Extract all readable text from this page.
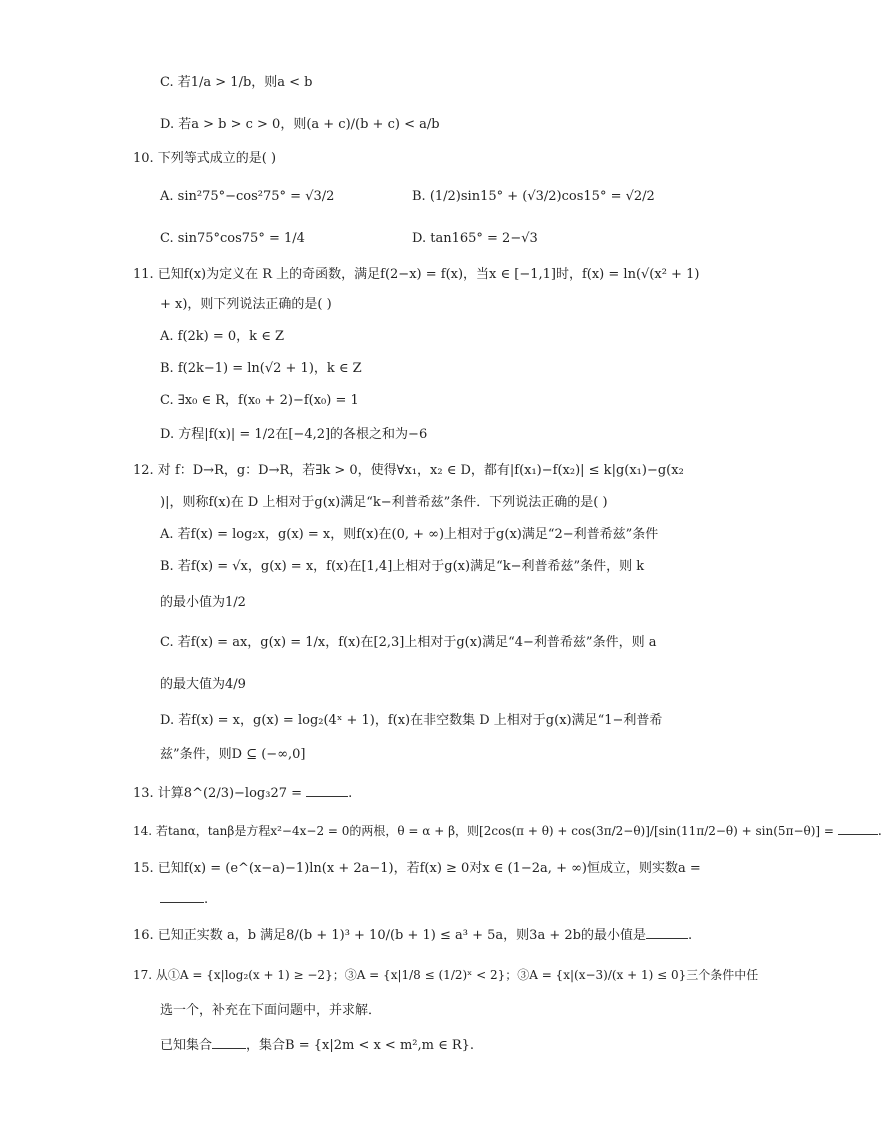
C. 若1/a > 1/b，则a < b
D. 若a > b > c > 0，则(a + c)/(b + c) < a/b
10. 下列等式成立的是( )
A. sin²75°−cos²75° = √3/2	B. (1/2)sin15° + (√3/2)cos15° = √2/2
C. sin75°cos75° = 1/4	D. tan165° = 2−√3
11. 已知f(x)为定义在 R 上的奇函数，满足f(2−x) = f(x)，当x ∈ [−1,1]时，f(x) = ln(√(x² + 1)
+ x)，则下列说法正确的是( )
A. f(2k) = 0，k ∈ Z
B. f(2k−1) = ln(√2 + 1)，k ∈ Z
C. ∃x₀ ∈ R，f(x₀ + 2)−f(x₀) = 1
D. 方程|f(x)| = 1/2在[−4,2]的各根之和为−6
12. 对 f：D→R，g：D→R，若∃k > 0，使得∀x₁，x₂ ∈ D，都有|f(x₁)−f(x₂)| ≤ k|g(x₁)−g(x₂
)|，则称f(x)在 D 上相对于g(x)满足“k−利普希兹”条件．下列说法正确的是( )
A. 若f(x) = log₂x，g(x) = x，则f(x)在(0, + ∞)上相对于g(x)满足“2−利普希兹”条件
B. 若f(x) = √x，g(x) = x，f(x)在[1,4]上相对于g(x)满足“k−利普希兹”条件，则 k
的最小值为1/2
C. 若f(x) = ax，g(x) = 1/x，f(x)在[2,3]上相对于g(x)满足“4−利普希兹”条件，则 a
的最大值为4/9
D. 若f(x) = x，g(x) = log₂(4ˣ + 1)，f(x)在非空数集 D 上相对于g(x)满足“1−利普希
兹”条件，则D ⊆ (−∞,0]
13. 计算8^(2/3)−log₃27 =	.
14. 若tanα，tanβ是方程x²−4x−2 = 0的两根，θ = α + β，则[2cos(π + θ) + cos(3π/2−θ)]/[sin(11π/2−θ) + sin(5π−θ)] =	.
15. 已知f(x) = (e^(x−a)−1)ln(x + 2a−1)，若f(x) ≥ 0对x ∈ (1−2a, + ∞)恒成立，则实数a =
.
16. 已知正实数 a，b 满足8/(b + 1)³ + 10/(b + 1) ≤ a³ + 5a，则3a + 2b的最小值是	.
17. 从①A = {x|log₂(x + 1) ≥ −2}；③A = {x|1/8 ≤ (1/2)ˣ < 2}；③A = {x|(x−3)/(x + 1) ≤ 0}三个条件中任
选一个，补充在下面问题中，并求解．
已知集合	，集合B = {x|2m < x < m²,m ∈ R}.
